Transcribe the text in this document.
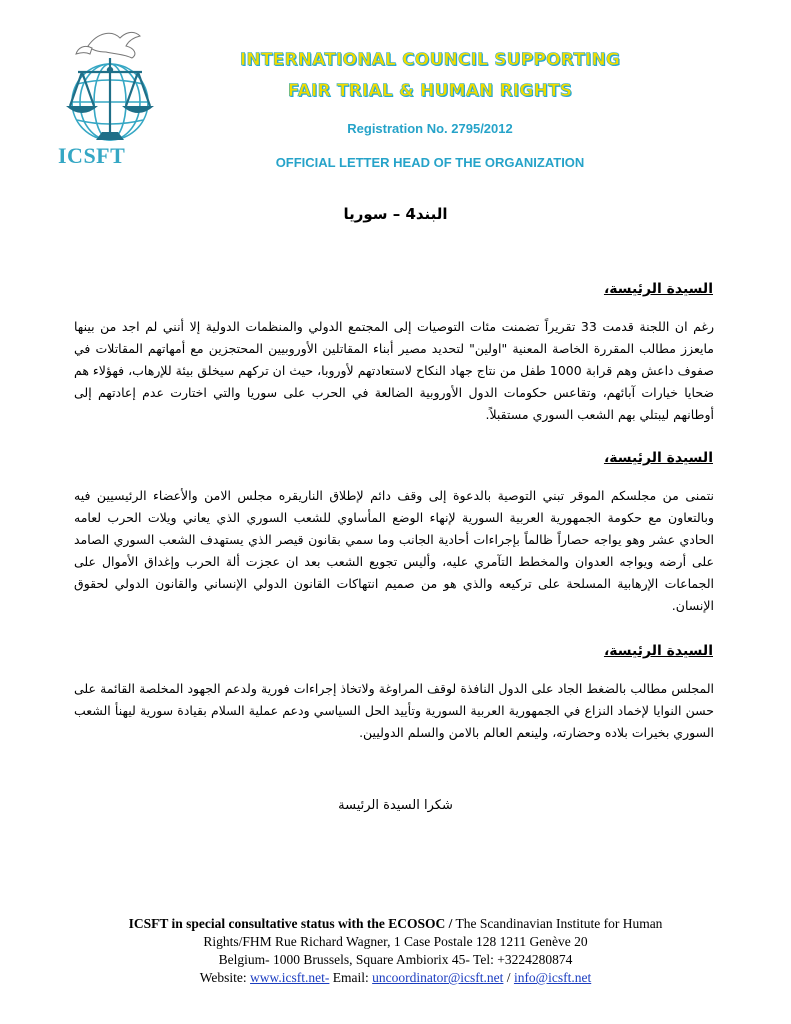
ICSFT
INTERNATIONAL COUNCIL SUPPORTING
FAIR TRIAL & HUMAN RIGHTS
Registration No. 2795/2012
OFFICIAL LETTER HEAD OF THE ORGANIZATION
البند4 – سوريا
السيدة الرئيسة،
رغم ان اللجنة قدمت 33 تقريراً تضمنت مئات التوصيات إلى المجتمع الدولي والمنظمات الدولية إلا أنني لم اجد من بينها مايعزز مطالب المقررة الخاصة المعنية "اولين" لتحديد مصير أبناء المقاتلين الأوروبيين المحتجزين مع أمهاتهم المقاتلات في صفوف داعش وهم قرابة 1000 طفل من نتاج جهاد النكاح لاستعادتهم لأوروبا، حيث ان تركهم سيخلق بيئة للإرهاب، فهؤلاء هم ضحايا خيارات آبائهم، وتقاعس حكومات الدول الأوروبية الضالعة في الحرب على سوريا والتي اختارت عدم إعادتهم إلى أوطانهم ليبتلي بهم الشعب السوري مستقبلاً.
السيدة الرئيسة،
نتمنى من مجلسكم الموقر تبني التوصية بالدعوة إلى وقف دائم لإطلاق الناريقره مجلس الامن والأعضاء الرئيسيين فيه وبالتعاون مع حكومة الجمهورية العربية السورية لإنهاء الوضع المأساوي للشعب السوري الذي يعاني ويلات الحرب لعامه الحادي عشر وهو يواجه حصاراً ظالماً بإجراءات أحادية الجانب وما سمي بقانون قيصر الذي يستهدف الشعب السوري الصامد على أرضه ويواجه العدوان والمخطط التآمري عليه، وأليس تجويع الشعب بعد ان عجزت ألة الحرب وإغداق الأموال على الجماعات الإرهابية المسلحة على تركيعه والذي هو من صميم انتهاكات القانون الدولي الإنساني والقانون الدولي لحقوق الإنسان.
السيدة الرئيسة،
المجلس مطالب بالضغط الجاد على الدول النافذة لوقف المراوغة ولاتخاذ إجراءات فورية ولدعم الجهود المخلصة القائمة على حسن النوايا لإخماد النزاع في الجمهورية العربية السورية وتأييد الحل السياسي ودعم عملية السلام بقيادة سورية ليهنأ الشعب السوري بخيرات بلاده وحضارته، ولينعم العالم بالامن والسلم الدوليين.
شكرا السيدة الرئيسة
ICSFT in special consultative status with the ECOSOC / The Scandinavian Institute for Human
Rights/FHM Rue Richard Wagner, 1 Case Postale 128 1211 Genève 20
Belgium- 1000 Brussels, Square Ambiorix 45- Tel: +3224280874
Website: www.icsft.net- Email: uncoordinator@icsft.net / info@icsft.net
